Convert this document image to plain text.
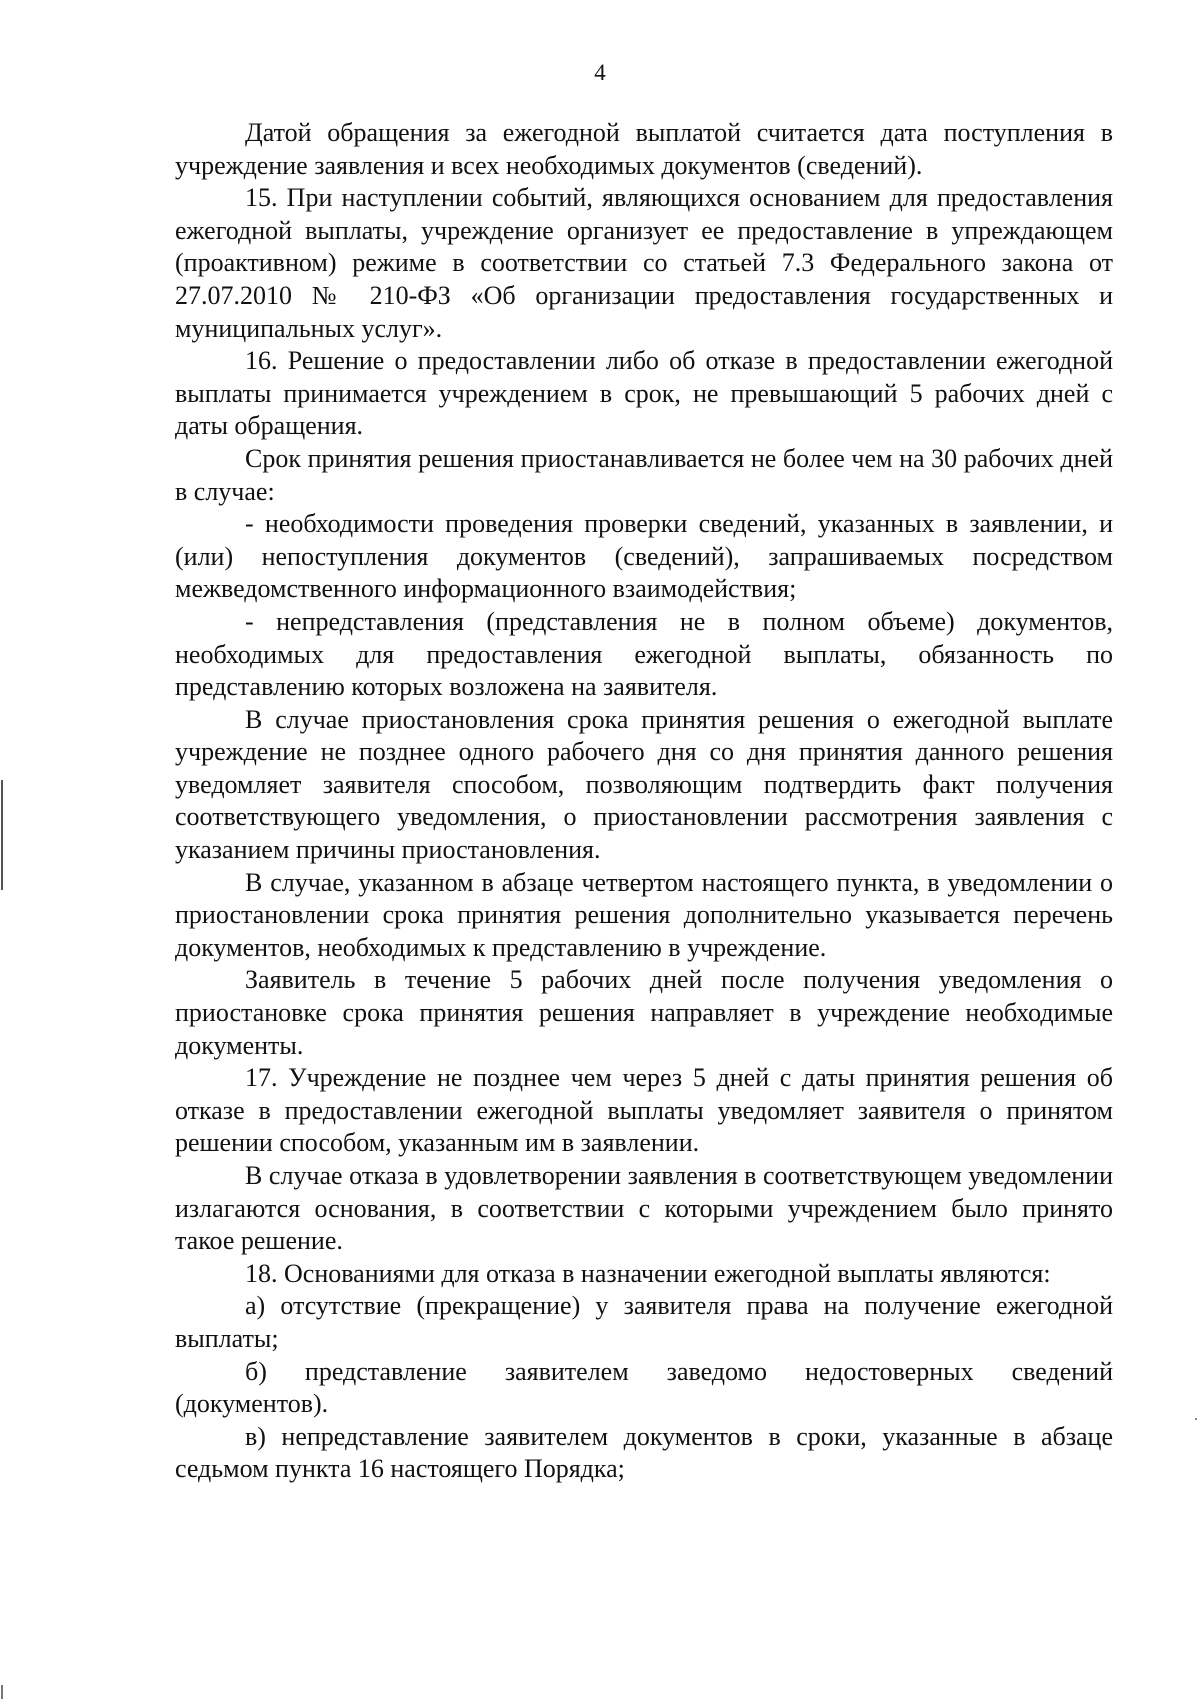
4

Датой обращения за ежегодной выплатой считается дата поступления в учреждение заявления и всех необходимых документов (сведений).

15. При наступлении событий, являющихся основанием для предоставления ежегодной выплаты, учреждение организует ее предоставление в упреждающем (проактивном) режиме в соответствии со статьей 7.3 Федерального закона от 27.07.2010 № 210-ФЗ «Об организации предоставления государственных и муниципальных услуг».

16. Решение о предоставлении либо об отказе в предоставлении ежегодной выплаты принимается учреждением в срок, не превышающий 5 рабочих дней с даты обращения.

Срок принятия решения приостанавливается не более чем на 30 рабочих дней в случае:

- необходимости проведения проверки сведений, указанных в заявлении, и (или) непоступления документов (сведений), запрашиваемых посредством межведомственного информационного взаимодействия;

- непредставления (представления не в полном объеме) документов, необходимых для предоставления ежегодной выплаты, обязанность по представлению которых возложена на заявителя.

В случае приостановления срока принятия решения о ежегодной выплате учреждение не позднее одного рабочего дня со дня принятия данного решения уведомляет заявителя способом, позволяющим подтвердить факт получения соответствующего уведомления, о приостановлении рассмотрения заявления с указанием причины приостановления.

В случае, указанном в абзаце четвертом настоящего пункта, в уведомлении о приостановлении срока принятия решения дополнительно указывается перечень документов, необходимых к представлению в учреждение.

Заявитель в течение 5 рабочих дней после получения уведомления о приостановке срока принятия решения направляет в учреждение необходимые документы.

17. Учреждение не позднее чем через 5 дней с даты принятия решения об отказе в предоставлении ежегодной выплаты уведомляет заявителя о принятом решении способом, указанным им в заявлении.

В случае отказа в удовлетворении заявления в соответствующем уведомлении излагаются основания, в соответствии с которыми учреждением было принято такое решение.

18. Основаниями для отказа в назначении ежегодной выплаты являются:

а) отсутствие (прекращение) у заявителя права на получение ежегодной выплаты;

б) представление заявителем заведомо недостоверных сведений (документов).

в) непредставление заявителем документов в сроки, указанные в абзаце седьмом пункта 16 настоящего Порядка;
